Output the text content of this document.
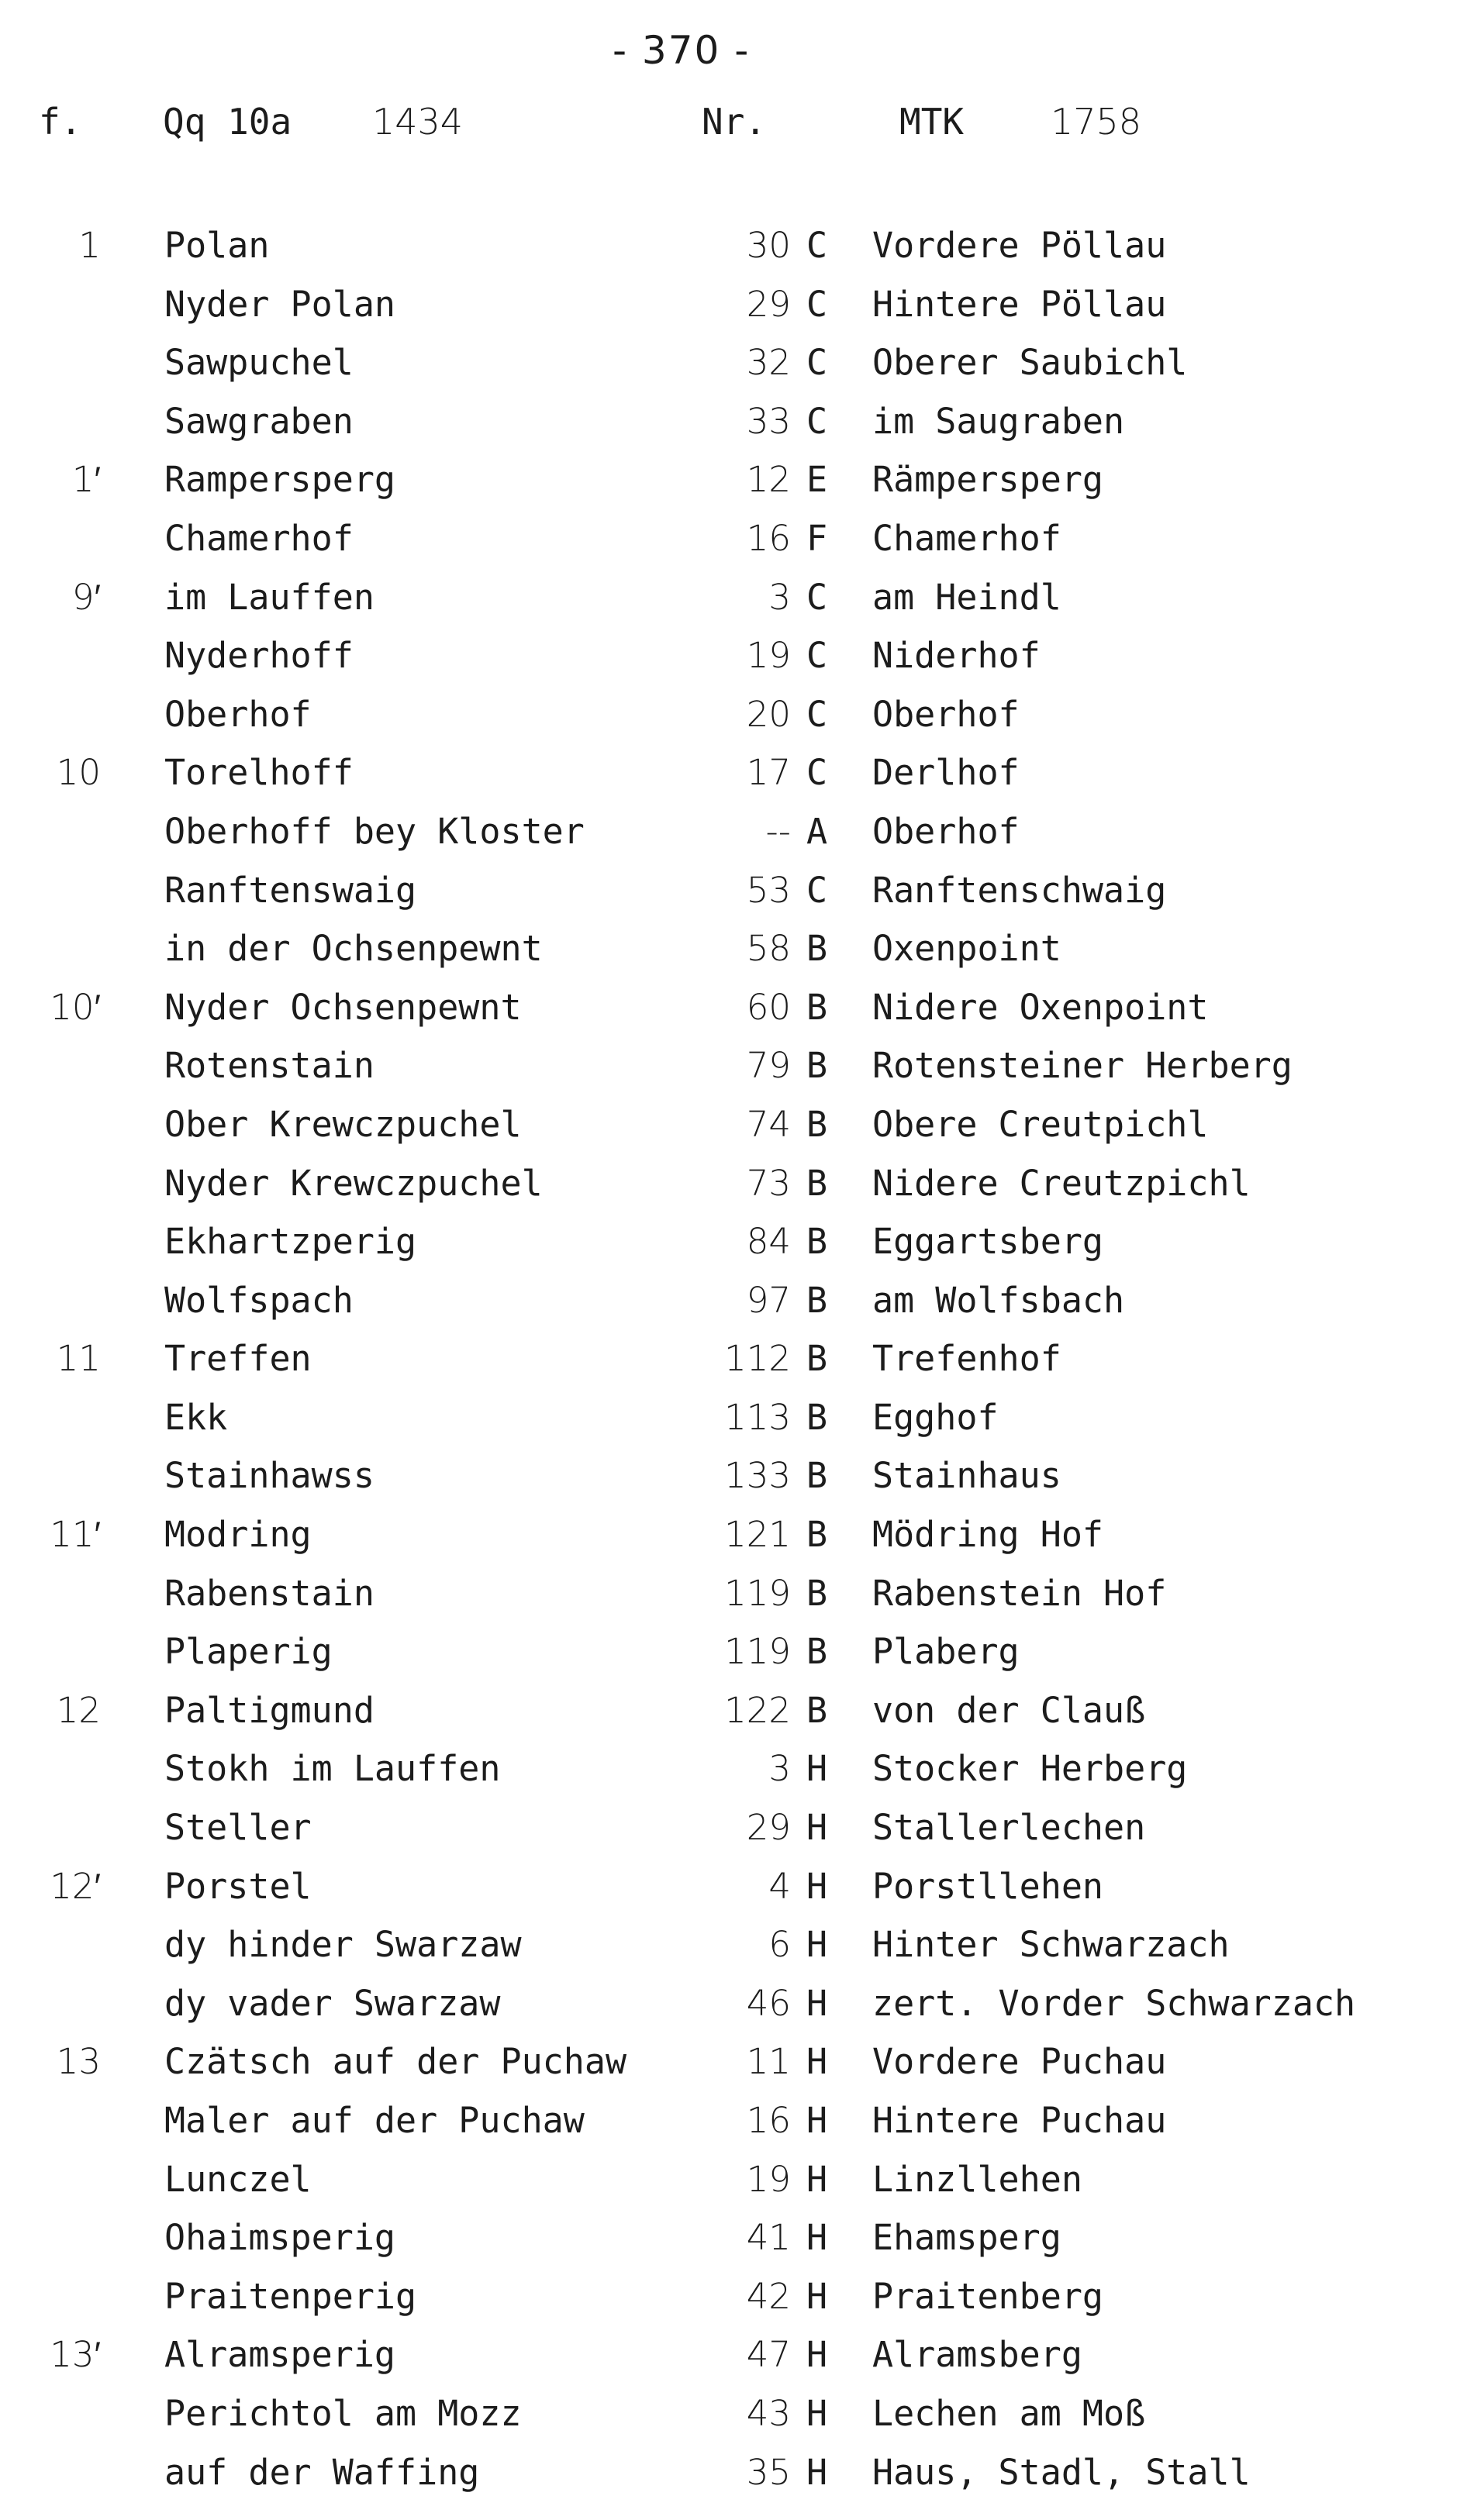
- 370 -
f. Qq 10a 1434	Nr.	MTK 1758
1 Polan	30 C Vordere Pöllau
Nyder Polan	29 C Hintere Pöllau
Sawpuchel	32 C Oberer Saubichl
Sawgraben	33 C im Saugraben
1′ Rampersperg	12 E Rämpersperg
Chamerhof	16 F Chamerhof
9′ im Lauffen	3 C am Heindl
Nyderhoff	19 C Niderhof
Oberhof	20 C Oberhof
10 Torelhoff	17 C Derlhof
Oberhoff bey Kloster	-- A Oberhof
Ranftenswaig	53 C Ranftenschwaig
in der Ochsenpewnt	58 B Oxenpoint
10′ Nyder Ochsenpewnt	60 B Nidere Oxenpoint
Rotenstain	79 B Rotensteiner Herberg
Ober Krewczpuchel	74 B Obere Creutpichl
Nyder Krewczpuchel	73 B Nidere Creutzpichl
Ekhartzperig	84 B Eggartsberg
Wolfspach	97 B am Wolfsbach
11 Treffen	112 B Trefenhof
Ekk	113 B Egghof
Stainhawss	133 B Stainhaus
11′ Modring	121 B Mödring Hof
Rabenstain	119 B Rabenstein Hof
Plaperig	119 B Plaberg
12 Paltigmund	122 B von der Clauß
Stokh im Lauffen	3 H Stocker Herberg
Steller	29 H Stallerlechen
12′ Porstel	4 H Porstllehen
dy hinder Swarzaw	6 H Hinter Schwarzach
dy vader Swarzaw	46 H zert. Vorder Schwarzach
13 Czätsch auf der Puchaw	11 H Vordere Puchau
Maler auf der Puchaw	16 H Hintere Puchau
Lunczel	19 H Linzllehen
Ohaimsperig	41 H Ehamsperg
Praitenperig	42 H Praitenberg
13′ Alramsperig	47 H Alramsberg
Perichtol am Mozz	43 H Lechen am Moß
auf der Waffing	35 H Haus, Stadl, Stall
